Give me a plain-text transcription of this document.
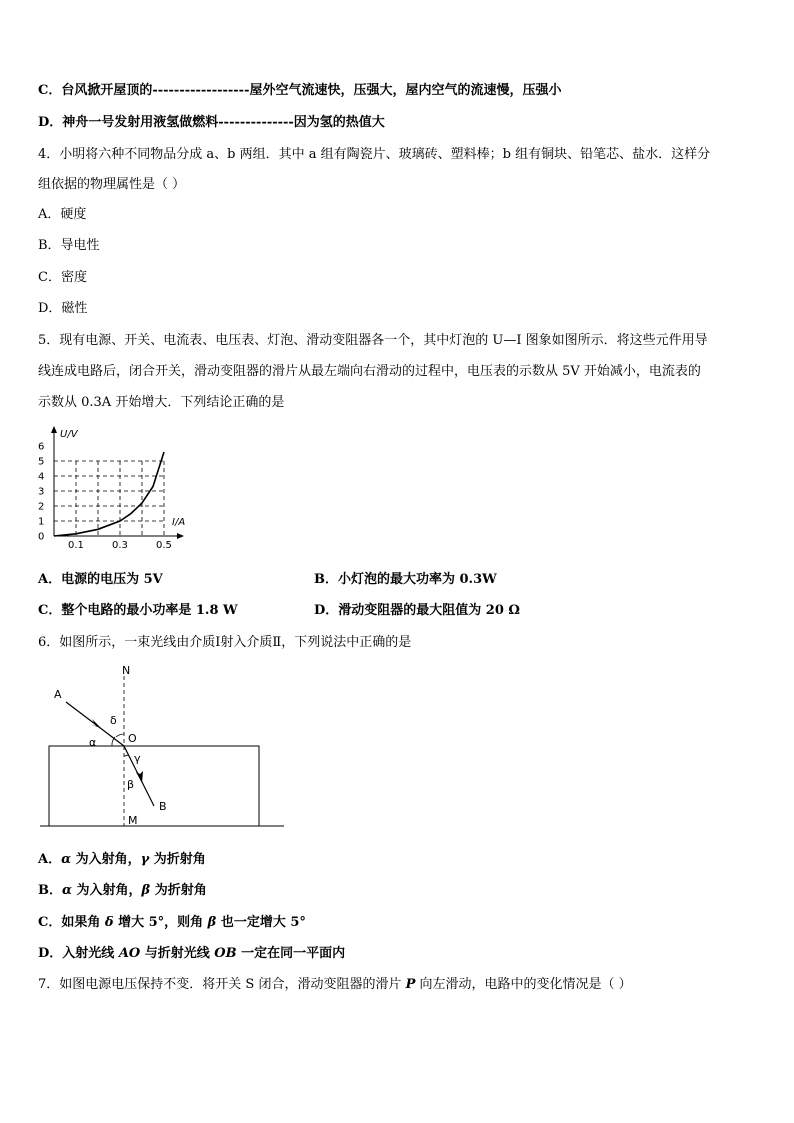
C．台风掀开屋顶的------------------屋外空气流速快，压强大，屋内空气的流速慢，压强小
D．神舟一号发射用液氢做燃料--------------因为氢的热值大
4．小明将六种不同物品分成 a、b 两组．其中 a 组有陶瓷片、玻璃砖、塑料棒；b 组有铜块、铅笔芯、盐水．这样分
组依据的物理属性是（ ）
A．硬度
B．导电性
C．密度
D．磁性
5．现有电源、开关、电流表、电压表、灯泡、滑动变阻器各一个，其中灯泡的 U—I 图象如图所示．将这些元件用导
线连成电路后，闭合开关，滑动变阻器的滑片从最左端向右滑动的过程中，电压表的示数从 5V 开始减小，电流表的
示数从 0.3A 开始增大．下列结论正确的是
0
1
2
3
4
5
6
0.1	0.3	0.5
U/V
I/A
A．电源的电压为 5V	B．小灯泡的最大功率为 0.3W
C．整个电路的最小功率是 1.8 W	D．滑动变阻器的最大阻值为 20 Ω
6．如图所示，一束光线由介质Ⅰ射入介质Ⅱ，下列说法中正确的是
N
A
δ
α	O
γ
β
B
M
A．α 为入射角，γ 为折射角
B．α 为入射角，β 为折射角
C．如果角 δ 增大 5°，则角 β 也一定增大 5°
D．入射光线 AO 与折射光线 OB 一定在同一平面内
7．如图电源电压保持不变．将开关 S 闭合，滑动变阻器的滑片 P 向左滑动，电路中的变化情况是（ ）
